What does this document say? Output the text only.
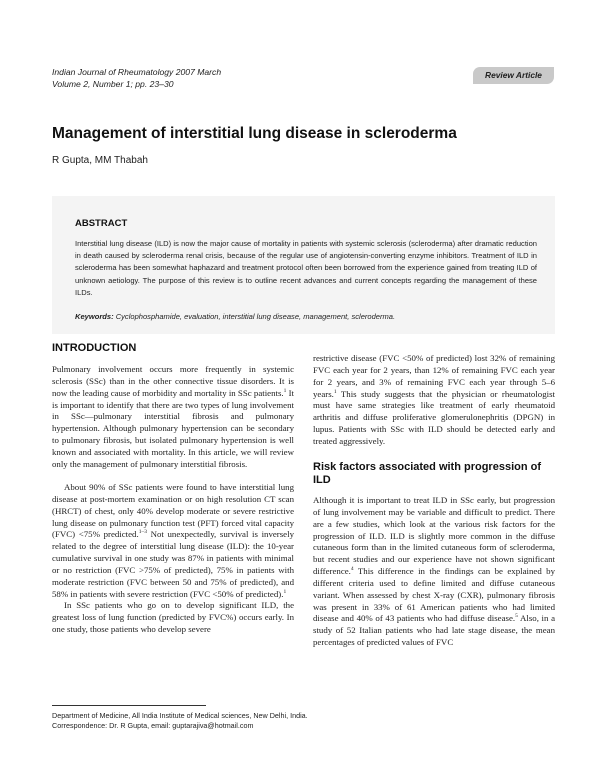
Indian Journal of Rheumatology 2007 March
Volume 2, Number 1; pp. 23–30
Review Article
Management of interstitial lung disease in scleroderma
R Gupta, MM Thabah
ABSTRACT
Interstitial lung disease (ILD) is now the major cause of mortality in patients with systemic sclerosis (scleroderma) after dramatic reduction in death caused by scleroderma renal crisis, because of the regular use of angiotensin-converting enzyme inhibitors. Treatment of ILD in scleroderma has been somewhat haphazard and treatment protocol often been borrowed from the experience gained from treating ILD of unknown aetiology. The purpose of this review is to outline recent advances and current concepts regarding the management of these ILDs.
Keywords: Cyclophosphamide, evaluation, interstitial lung disease, management, scleroderma.
INTRODUCTION

Pulmonary involvement occurs more frequently in systemic sclerosis (SSc) than in the other connective tissue disorders. It is now the leading cause of morbidity and mortality in SSc patients.$^1$ It is important to identify that there are two types of lung involvement in SSc—pulmonary interstitial fibrosis and pulmonary hypertension. Although pulmonary hypertension can be secondary to pulmonary fibrosis, but isolated pulmonary hypertension is well known and associated with mortality. In this article, we will review only the management of pulmonary interstitial fibrosis.

About 90% of SSc patients were found to have interstitial lung disease at post-mortem examination or on high resolution CT scan (HRCT) of chest, only 40% develop moderate or severe restrictive lung disease on pulmonary function test (PFT) forced vital capacity (FVC) <75% predicted.$^{1-3}$ Not unexpectedly, survival is inversely related to the degree of interstitial lung disease (ILD): the 10-year cumulative survival in one study was 87% in patients with minimal or no restriction (FVC >75% of predicted), 75% in patients with moderate restriction (FVC between 50 and 75% of predicted), and 58% in patients with severe restriction (FVC <50% of predicted).$^1$

In SSc patients who go on to develop significant ILD, the greatest loss of lung function (predicted by FVC%) occurs early. In one study, those patients who develop severe

restrictive disease (FVC <50% of predicted) lost 32% of remaining FVC each year for 2 years, than 12% of remaining FVC each year for 2 years, and 3% of remaining FVC each year through 5–6 years.$^1$ This study suggests that the physician or rheumatologist must have same strategies like treatment of early rheumatoid arthritis and diffuse proliferative glomerulonephritis (DPGN) in lupus. Patients with SSc with ILD should be detected early and treated aggressively.

Risk factors associated with progression of ILD

Although it is important to treat ILD in SSc early, but progression of lung involvement may be variable and difficult to predict. There are a few studies, which look at the various risk factors for the progression of ILD. ILD is slightly more common in the diffuse cutaneous form than in the limited cutaneous form of scleroderma, but recent studies and our experience have not shown significant difference.$^4$ This difference in the findings can be explained by different criteria used to define limited and diffuse cutaneous variant. When assessed by chest X-ray (CXR), pulmonary fibrosis was present in 33% of 61 American patients who had limited disease and 40% of 43 patients who had diffuse disease.$^5$ Also, in a study of 52 Italian patients who had late stage disease, the mean percentages of predicted values of FVC

Department of Medicine, All India Institute of Medical sciences, New Delhi, India.
Correspondence: Dr. R Gupta, email: guptarajiva@hotmail.com
